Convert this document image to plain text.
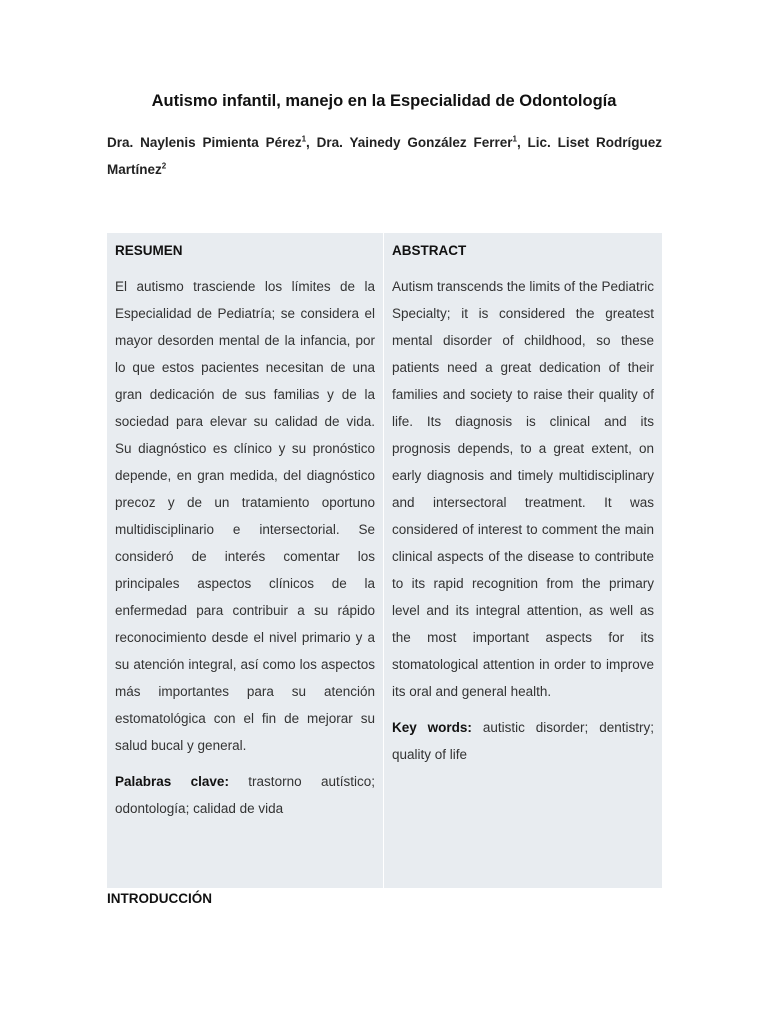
Autismo infantil, manejo en la Especialidad de Odontología
Dra. Naylenis Pimienta Pérez$^1$, Dra. Yainedy González Ferrer$^1$, Lic. Liset Rodríguez Martínez$^2$
RESUMEN

El autismo trasciende los límites de la Especialidad de Pediatría; se considera el mayor desorden mental de la infancia, por lo que estos pacientes necesitan de una gran dedicación de sus familias y de la sociedad para elevar su calidad de vida. Su diagnóstico es clínico y su pronóstico depende, en gran medida, del diagnóstico precoz y de un tratamiento oportuno multidisciplinario e intersectorial. Se consideró de interés comentar los principales aspectos clínicos de la enfermedad para contribuir a su rápido reconocimiento desde el nivel primario y a su atención integral, así como los aspectos más importantes para su atención estomatológica con el fin de mejorar su salud bucal y general.

Palabras clave: trastorno autístico; odontología; calidad de vida
ABSTRACT

Autism transcends the limits of the Pediatric Specialty; it is considered the greatest mental disorder of childhood, so these patients need a great dedication of their families and society to raise their quality of life. Its diagnosis is clinical and its prognosis depends, to a great extent, on early diagnosis and timely multidisciplinary and intersectoral treatment. It was considered of interest to comment the main clinical aspects of the disease to contribute to its rapid recognition from the primary level and its integral attention, as well as the most important aspects for its stomatological attention in order to improve its oral and general health.

Key words: autistic disorder; dentistry; quality of life
INTRODUCCIÓN
